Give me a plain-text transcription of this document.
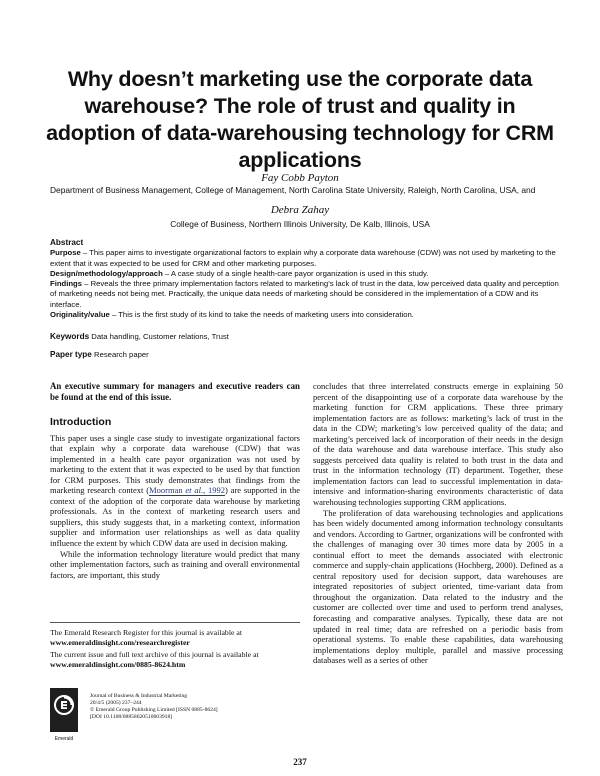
Why doesn’t marketing use the corporate data warehouse? The role of trust and quality in adoption of data-warehousing technology for CRM applications
Fay Cobb Payton
Department of Business Management, College of Management, North Carolina State University, Raleigh, North Carolina, USA, and
Debra Zahay
College of Business, Northern Illinois University, De Kalb, Illinois, USA
Abstract

Purpose – This paper aims to investigate organizational factors to explain why a corporate data warehouse (CDW) was not used by marketing to the extent that it was expected to be used for CRM and other marketing purposes.

Design/methodology/approach – A case study of a single health-care payor organization is used in this study.

Findings – Reveals the three primary implementation factors related to marketing’s lack of trust in the data, low perceived data quality and perception of marketing needs not being met. Practically, the unique data needs of marketing should be considered in the implementation of a CDW and its interface.

Originality/value – This is the first study of its kind to take the needs of marketing users into consideration.

Keywords Data handling, Customer relations, Trust
Paper type Research paper

An executive summary for managers and executive readers can be found at the end of this issue.

Introduction

This paper uses a single case study to investigate organizational factors that explain why a corporate data warehouse (CDW) that was implemented in a health care payor organization was not used by marketing to the extent that it was expected to be used by that function for CRM purposes. This study demonstrates that findings from the marketing research context (Moorman et al., 1992) are supported in the context of the adoption of the corporate data warehouse by marketing professionals. As in the context of marketing research users and suppliers, this study suggests that, in a marketing context, information supplier and information user relationships as well as data quality influence the extent by which CDW data are used in decision making.

While the information technology literature would predict that many other implementation factors, such as training and overall environmental factors, are important, this study

concludes that three interrelated constructs emerge in explaining 50 percent of the disappointing use of a corporate data warehouse by the marketing function for CRM applications. These three primary implementation factors are as follows: marketing’s lack of trust in the data in the CDW; marketing’s low perceived quality of the data; and marketing’s perceived lack of incorporation of their needs in the design of the data warehouse and data warehouse interface. This study also suggests perceived data quality is related to both trust in the data and trust in the information technology (IT) department. Together, these implementation factors can lead to successful implementation in data-intensive and information-sharing environments characteristic of data warehousing technologies supporting CRM applications.

The proliferation of data warehousing technologies and applications has been widely documented among information technology consultants and vendors. According to Gartner, organizations will be confronted with the challenges of managing over 30 times more data by 2005 in a continual effort to meet the demands associated with electronic commerce and supply-chain applications (Hochberg, 2000). Defined as a central repository used for decision support, data warehouses are integrated repositories of subject oriented, time-variant data from throughout the organization. Data related to the industry and the customer are collected over time and used to perform trend analyses, forecasting and comparative analyses. Typically, these data are not updated in real time; data are refreshed on a periodic basis from operational systems. To enable these capabilities, data warehousing implementations deploy multiple, parallel and massive processing databases well as a series of other

The Emerald Research Register for this journal is available at
www.emeraldinsight.com/researchregister

The current issue and full text archive of this journal is available at
www.emeraldinsight.com/0885-8624.htm

Emerald
Journal of Business & Industrial Marketing
20/4/5 (2005) 237–244
© Emerald Group Publishing Limited [ISSN 0885-8624]
[DOI 10.1108/08858620510603918]
237
